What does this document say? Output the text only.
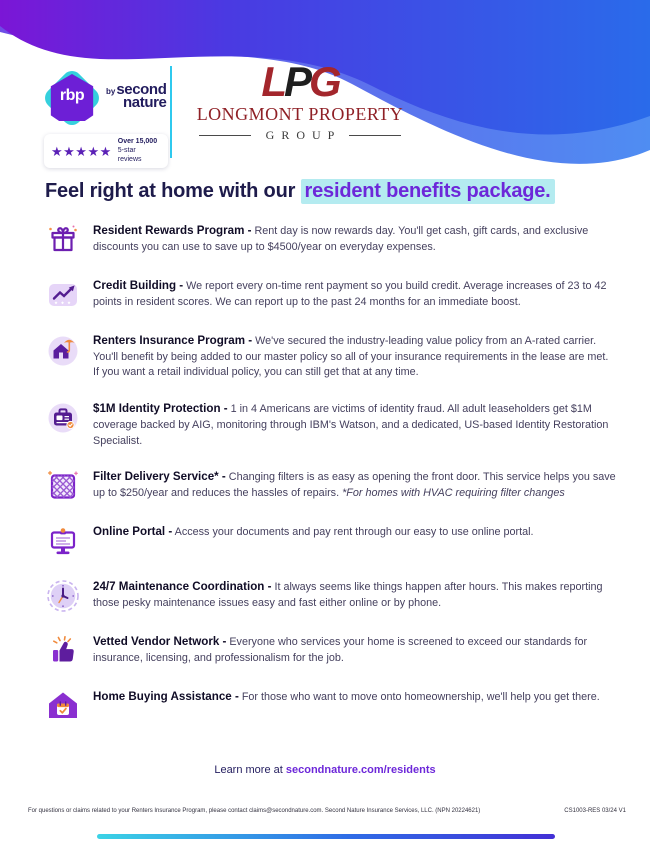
rbp	$^{by}$ second
nature
★★★★★
Over 15,000
5-star reviews
LPG
LONGMONT PROPERTY
GROUP
Feel right at home with our resident benefits package.

Resident Rewards Program - Rent day is now rewards day. You'll get cash, gift cards, and exclusive discounts you can use to save up to $4500/year on everyday expenses.

Credit Building - We report every on-time rent payment so you build credit. Average increases of 23 to 42 points in resident scores. We can report up to the past 24 months for an immediate boost.

Renters Insurance Program - We've secured the industry-leading value policy from an A-rated carrier. You'll benefit by being added to our master policy so all of your insurance requirements in the lease are met. If you want a retail individual policy, you can still get that at any time.

$1M Identity Protection - 1 in 4 Americans are victims of identity fraud. All adult leaseholders get $1M coverage backed by AIG, monitoring through IBM's Watson, and a dedicated, US-based Identity Restoration Specialist.

Filter Delivery Service* - Changing filters is as easy as opening the front door. This service helps you save up to $250/year and reduces the hassles of repairs. *For homes with HVAC requiring filter changes

Online Portal - Access your documents and pay rent through our easy to use online portal.

24/7 Maintenance Coordination - It always seems like things happen after hours. This makes reporting those pesky maintenance issues easy and fast either online or by phone.

Vetted Vendor Network - Everyone who services your home is screened to exceed our standards for insurance, licensing, and professionalism for the job.

Home Buying Assistance - For those who want to move onto homeownership, we'll help you get there.

Learn more at secondnature.com/residents
For questions or claims related to your Renters Insurance Program, please contact claims@secondnature.com. Second Nature Insurance Services, LLC. (NPN 20224621)	CS1003-RES 03/24 V1
